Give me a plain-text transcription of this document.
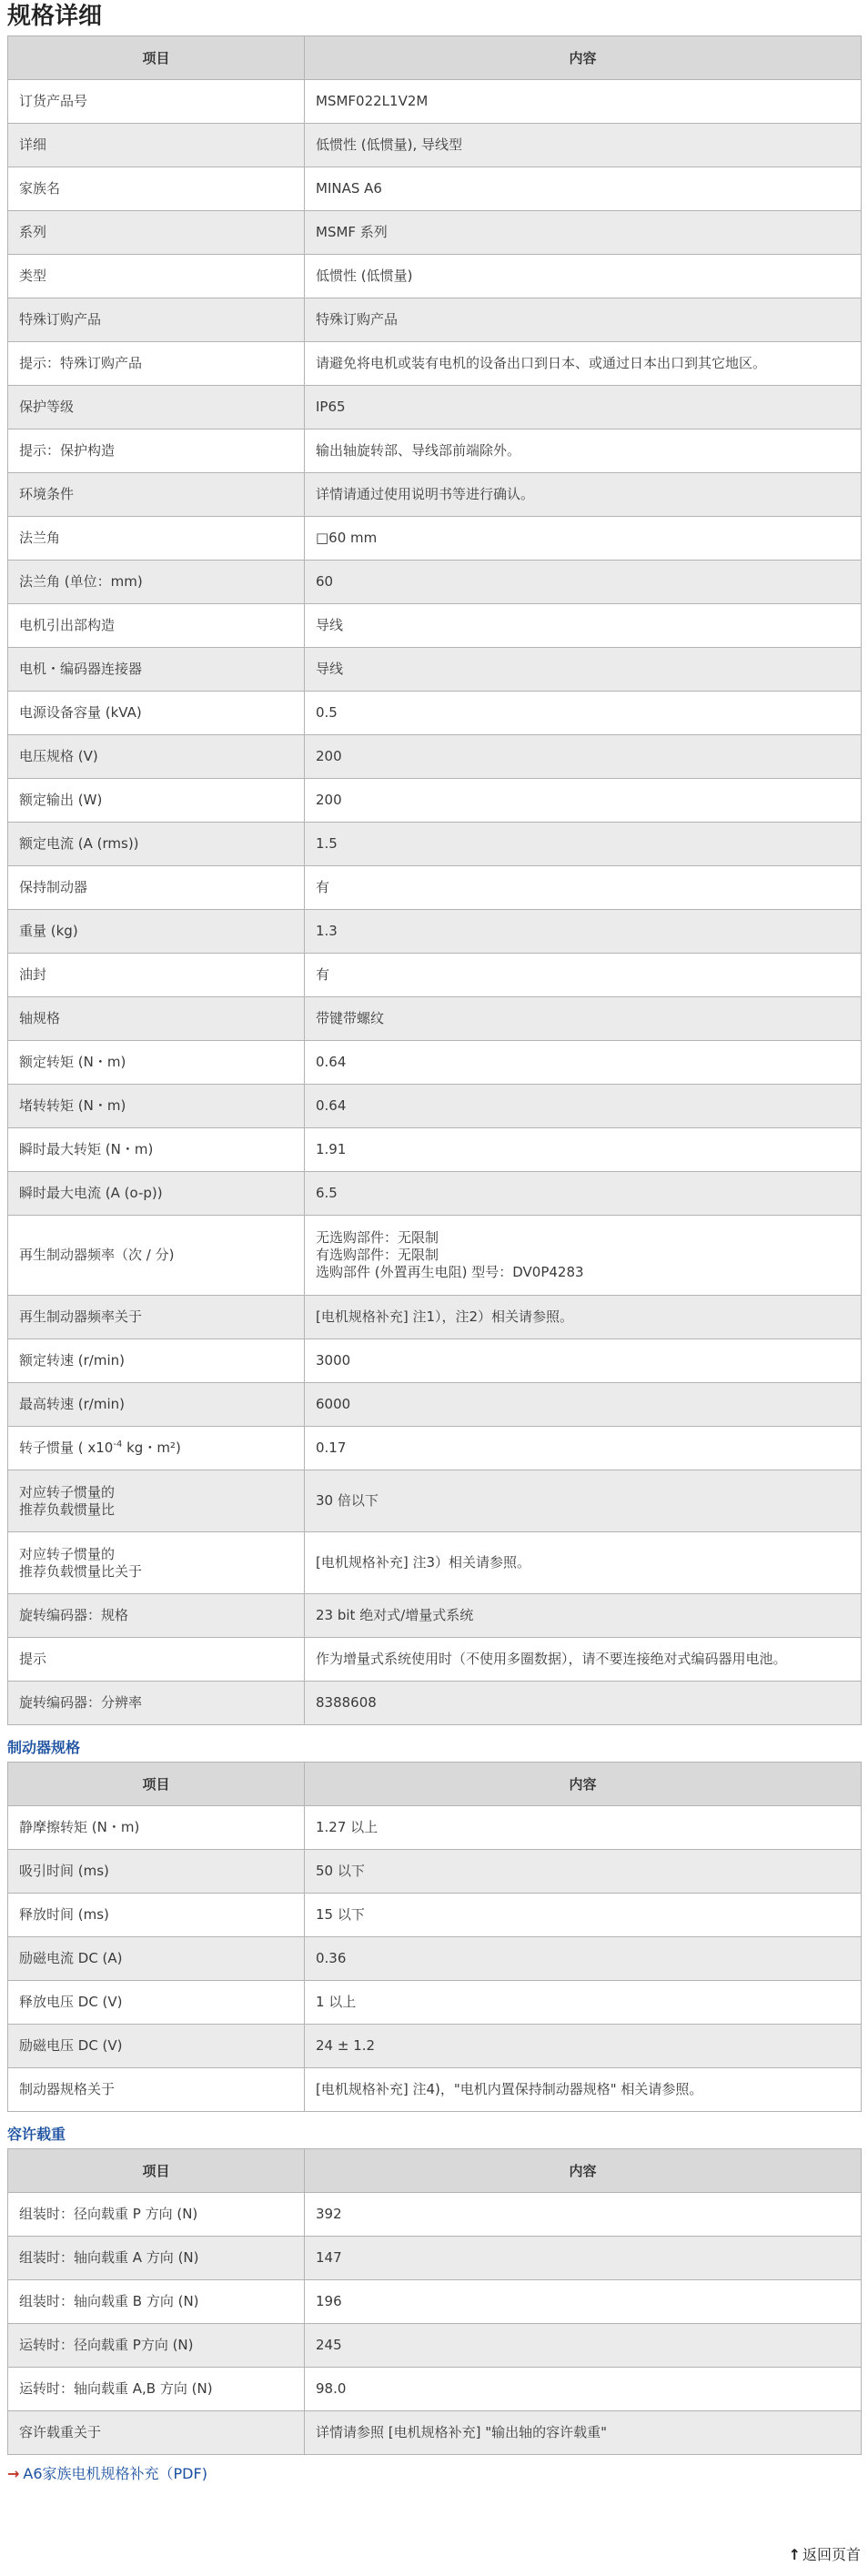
规格详细
项目	内容
订货产品号	MSMF022L1V2M
详细	低惯性 (低惯量), 导线型
家族名	MINAS A6
系列	MSMF 系列
类型	低惯性 (低惯量)
特殊订购产品	特殊订购产品
提示：特殊订购产品	请避免将电机或装有电机的设备出口到日本、或通过日本出口到其它地区。
保护等级	IP65
提示：保护构造	输出轴旋转部、导线部前端除外。
环境条件	详情请通过使用说明书等进行确认。
法兰角	□60 mm
法兰角 (单位：mm)	60
电机引出部构造	导线
电机・编码器连接器	导线
电源设备容量 (kVA)	0.5
电压规格 (V)	200
额定输出 (W)	200
额定电流 (A (rms))	1.5
保持制动器	有
重量 (kg)	1.3
油封	有
轴规格	带键带螺纹
额定转矩 (N・m)	0.64
堵转转矩 (N・m)	0.64
瞬时最大转矩 (N・m)	1.91
瞬时最大电流 (A (o-p))	6.5
再生制动器频率（次 / 分)	无选购部件：无限制
有选购部件：无限制
选购部件 (外置再生电阻) 型号：DV0P4283
再生制动器频率关于	[电机规格补充] 注1），注2）相关请参照。
额定转速 (r/min)	3000
最高转速 (r/min)	6000
转子惯量 ( $x10^{-4}$ kg・m²)	0.17
对应转子惯量的
推荐负载惯量比	30 倍以下
对应转子惯量的
推荐负载惯量比关于	[电机规格补充] 注3）相关请参照。
旋转编码器：规格	23 bit 绝对式/增量式系统
提示	作为增量式系统使用时（不使用多圈数据），请不要连接绝对式编码器用电池。
旋转编码器：分辨率	8388608
制动器规格
项目	内容
静摩擦转矩 (N・m)	1.27 以上
吸引时间 (ms)	50 以下
释放时间 (ms)	15 以下
励磁电流 DC (A)	0.36
释放电压 DC (V)	1 以上
励磁电压 DC (V)	24 ± 1.2
制动器规格关于	[电机规格补充] 注4)，"电机内置保持制动器规格" 相关请参照。
容许载重
项目	内容
组装时：径向载重 P 方向 (N)	392
组装时：轴向载重 A 方向 (N)	147
组装时：轴向载重 B 方向 (N)	196
运转时：径向载重 P方向 (N)	245
运转时：轴向载重 A,B 方向 (N)	98.0
容许载重关于	详情请参照 [电机规格补充] "输出轴的容许载重"
→ A6家族电机规格补充（PDF)
↑ 返回页首
